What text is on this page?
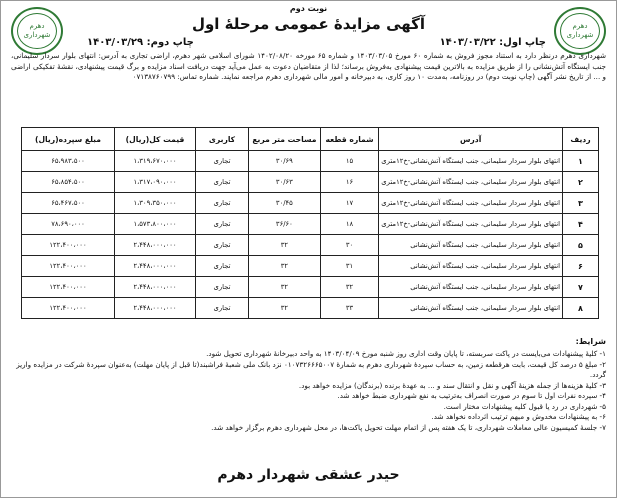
دهرم
شهرداری
دهرم
شهرداری
نوبت دوم
آگهی مزایدهٔ عمومی مرحلهٔ اول
چاپ اول: ۱۴۰۳/۰۳/۲۲
چاپ دوم: ۱۴۰۳/۰۳/۲۹
شهرداری دهرم درنظر دارد به استناد مجوز فروش به شماره ۶۰ مورخ ۱۴۰۳/۰۳/۰۵ و شماره ۶۵ مورخه ۱۴۰۲/۰۸/۲۰ شورای اسلامی شهر دهرم، اراضی تجاری به آدرس: انتهای بلوار سردار سلیمانی، جنب ایستگاه آتش‌نشانی را از طریق مزایده به بالاترین قیمت پیشنهادی به‌فروش برساند؛ لذا از متقاضیان دعوت به عمل می‌آید جهت دریافت اسناد مزایده و برگ قیمت پیشنهادی، نقشهٔ تفکیکی اراضی و ... از تاریخ نشر آگهی (چاپ نوبت دوم) در روزنامه، به‌مدت ۱۰ روز کاری، به دبیرخانه و امور مالی شهرداری دهرم مراجعه نمایند. شماره تماس: ۰۷۱۳۸۷۶۰۷۹۹
ردیف	آدرس	شماره قطعه	مساحت متر مربع	کاربری	قیمت کل(ریال)	مبلغ سپرده(ریال)
۱	انتهای بلوار سردار سلیمانی، جنب ایستگاه آتش‌نشانی-خ۱۲متری	۱۵	۳۰/۶۹	تجاری	۱،۳۱۹،۶۷۰،۰۰۰	۶۵،۹۸۳،۵۰۰
۲	انتهای بلوار سردار سلیمانی، جنب ایستگاه آتش‌نشانی-خ۱۲متری	۱۶	۳۰/۶۳	تجاری	۱،۳۱۷،۰۹۰،۰۰۰	۶۵،۸۵۴،۵۰۰
۳	انتهای بلوار سردار سلیمانی، جنب ایستگاه آتش‌نشانی-خ۱۲متری	۱۷	۳۰/۴۵	تجاری	۱،۳۰۹،۳۵۰،۰۰۰	۶۵،۴۶۷،۵۰۰
۴	انتهای بلوار سردار سلیمانی، جنب ایستگاه آتش‌نشانی-خ۱۲متری	۱۸	۳۶/۶۰	تجاری	۱،۵۷۳،۸۰۰،۰۰۰	۷۸،۶۹۰،۰۰۰
۵	انتهای بلوار سردار سلیمانی، جنب ایستگاه آتش‌نشانی	۳۰	۳۲	تجاری	۲،۴۴۸،۰۰۰،۰۰۰	۱۲۲،۴۰۰،۰۰۰
۶	انتهای بلوار سردار سلیمانی، جنب ایستگاه آتش‌نشانی	۳۱	۳۲	تجاری	۲،۴۴۸،۰۰۰،۰۰۰	۱۲۲،۴۰۰،۰۰۰
۷	انتهای بلوار سردار سلیمانی، جنب ایستگاه آتش‌نشانی	۳۲	۳۲	تجاری	۲،۴۴۸،۰۰۰،۰۰۰	۱۲۲،۴۰۰،۰۰۰
۸	انتهای بلوار سردار سلیمانی، جنب ایستگاه آتش‌نشانی	۳۳	۳۲	تجاری	۲،۴۴۸،۰۰۰،۰۰۰	۱۲۲،۴۰۰،۰۰۰
شرایط:
۱- کلیهٔ پیشنهادات می‌بایست در پاکت سربسته، تا پایان وقت اداری روز شنبه مورخ ۱۴۰۳/۰۴/۰۹ به واحد دبیرخانهٔ شهرداری تحویل شود.
۲- مبلغ ۵ درصد کل قیمت، بابت هرقطعه زمین، به حساب سپردهٔ شهرداری دهرم به شمارهٔ ۰۱۰۷۳۲۶۶۶۵۰۰۷ نزد بانک ملی شعبهٔ فراشبند(تا قبل از پایان مهلت) به‌عنوان سپردهٔ شرکت در مزایده واریز گردد.
۳- کلیهٔ هزینه‌ها از جمله هزینهٔ آگهی و نقل و انتقال سند و ... به عهدهٔ برنده (برندگان) مزایده خواهد بود.
۴- سپرده نفرات اول تا سوم در صورت انصراف به‌ترتیب به نفع شهرداری ضبط خواهد شد.
۵- شهرداری در رد یا قبول کلیه پیشنهادات مختار است.
۶- به پیشنهادات مخدوش و مبهم ترتیب اثرداده نخواهد شد.
۷- جلسهٔ کمیسیون عالی معاملات شهرداری، تا یک هفته پس از اتمام مهلت تحویل پاکت‌ها، در محل شهرداری دهرم برگزار خواهد شد.
حیدر عشقی شهردار دهرم
